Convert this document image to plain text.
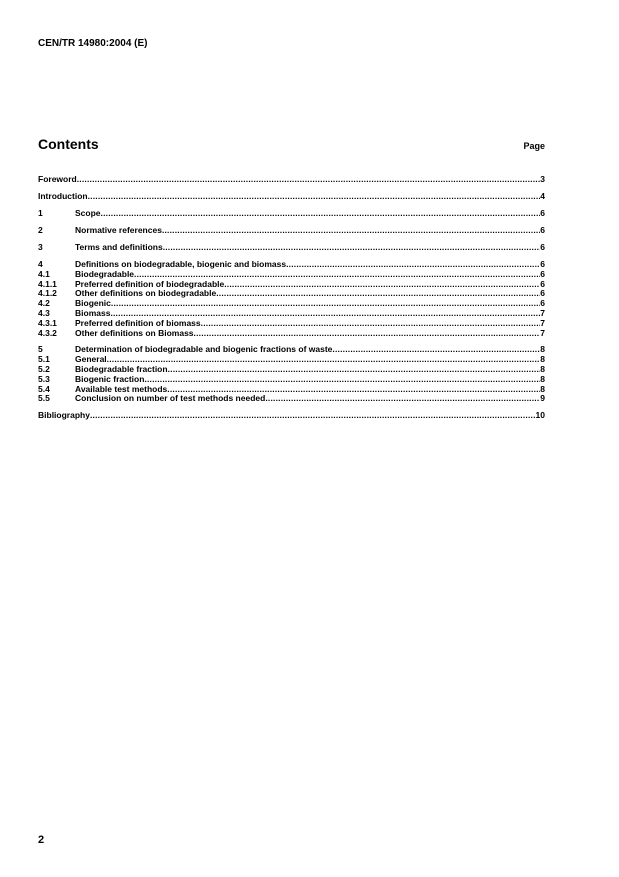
CEN/TR 14980:2004 (E)
Contents	Page
Foreword .....	3
Introduction .....	4
1	Scope .....	6
2	Normative references .....	6
3	Terms and definitions .....	6
4	Definitions on biodegradable, biogenic and biomass .....	6
4.1	Biodegradable .....	6
4.1.1	Preferred definition of biodegradable .....	6
4.1.2	Other definitions on biodegradable .....	6
4.2	Biogenic .....	6
4.3	Biomass .....	7
4.3.1	Preferred definition of biomass .....	7
4.3.2	Other definitions on Biomass .....	7
5	Determination of biodegradable and biogenic fractions of waste .....	8
5.1	General .....	8
5.2	Biodegradable fraction .....	8
5.3	Biogenic fraction .....	8
5.4	Available test methods .....	8
5.5	Conclusion on number of test methods needed .....	9
Bibliography .....	10
2
